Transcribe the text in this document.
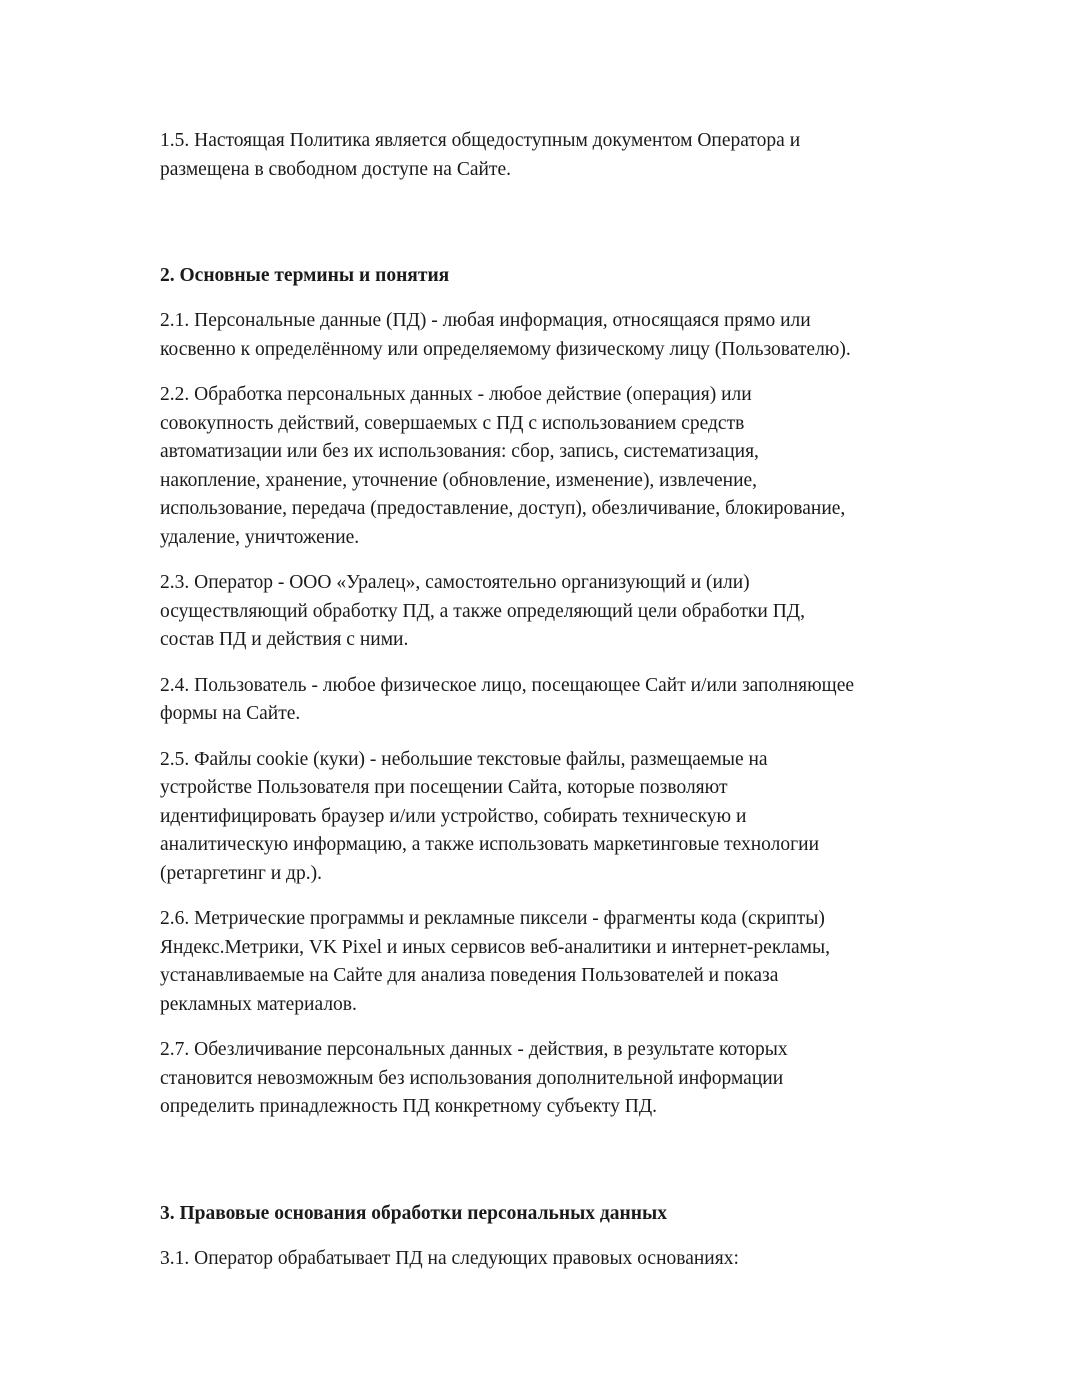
1.5. Настоящая Политика является общедоступным документом Оператора и
размещена в свободном доступе на Сайте.

2. Основные термины и понятия

2.1. Персональные данные (ПД) - любая информация, относящаяся прямо или
косвенно к определённому или определяемому физическому лицу (Пользователю).

2.2. Обработка персональных данных - любое действие (операция) или
совокупность действий, совершаемых с ПД с использованием средств
автоматизации или без их использования: сбор, запись, систематизация,
накопление, хранение, уточнение (обновление, изменение), извлечение,
использование, передача (предоставление, доступ), обезличивание, блокирование,
удаление, уничтожение.

2.3. Оператор - ООО «Уралец», самостоятельно организующий и (или)
осуществляющий обработку ПД, а также определяющий цели обработки ПД,
состав ПД и действия с ними.

2.4. Пользователь - любое физическое лицо, посещающее Сайт и/или заполняющее
формы на Сайте.

2.5. Файлы cookie (куки) - небольшие текстовые файлы, размещаемые на
устройстве Пользователя при посещении Сайта, которые позволяют
идентифицировать браузер и/или устройство, собирать техническую и
аналитическую информацию, а также использовать маркетинговые технологии
(ретаргетинг и др.).

2.6. Метрические программы и рекламные пиксели - фрагменты кода (скрипты)
Яндекс.Метрики, VK Pixel и иных сервисов веб-аналитики и интернет-рекламы,
устанавливаемые на Сайте для анализа поведения Пользователей и показа
рекламных материалов.

2.7. Обезличивание персональных данных - действия, в результате которых
становится невозможным без использования дополнительной информации
определить принадлежность ПД конкретному субъекту ПД.

3. Правовые основания обработки персональных данных

3.1. Оператор обрабатывает ПД на следующих правовых основаниях:
